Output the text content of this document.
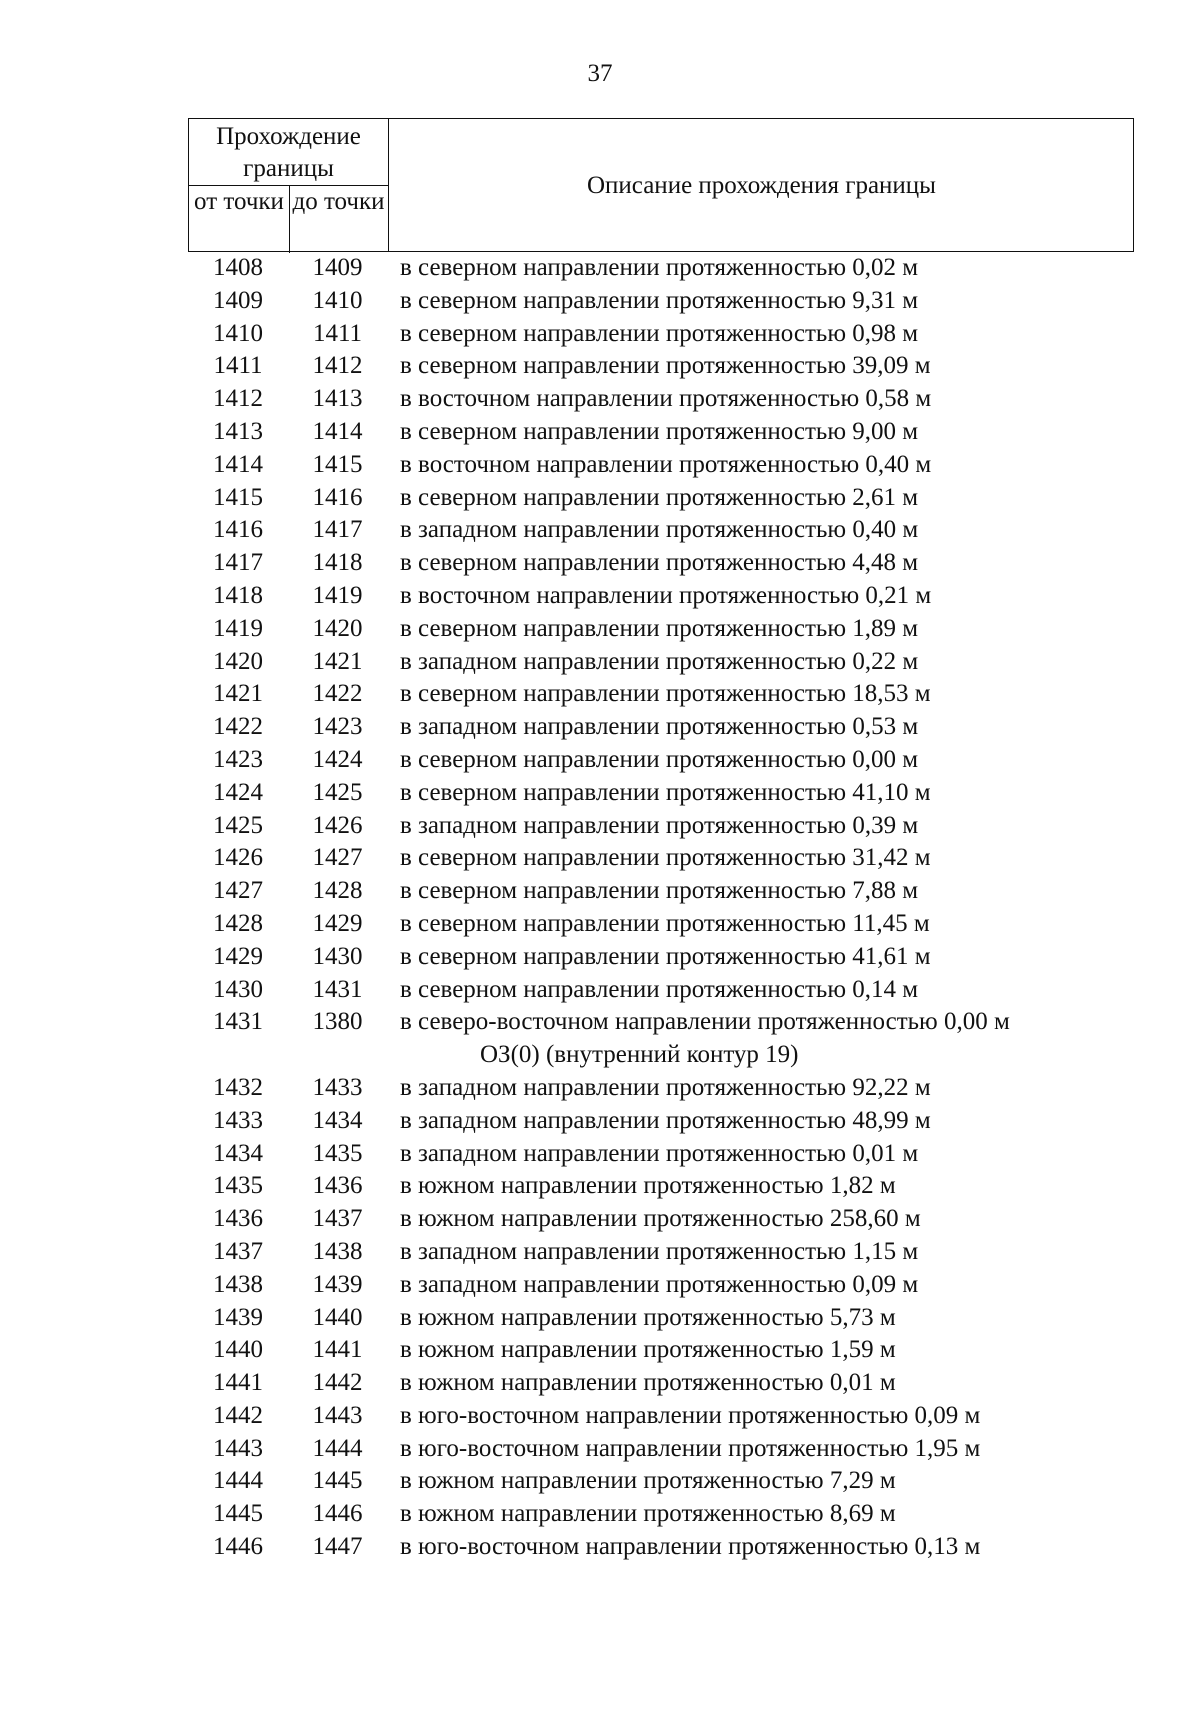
37
Прохождение границы
от точки до точки
Описание прохождения границы
1408	1409	в северном направлении протяженностью 0,02 м
1409	1410	в северном направлении протяженностью 9,31 м
1410	1411	в северном направлении протяженностью 0,98 м
1411	1412	в северном направлении протяженностью 39,09 м
1412	1413	в восточном направлении протяженностью 0,58 м
1413	1414	в северном направлении протяженностью 9,00 м
1414	1415	в восточном направлении протяженностью 0,40 м
1415	1416	в северном направлении протяженностью 2,61 м
1416	1417	в западном направлении протяженностью 0,40 м
1417	1418	в северном направлении протяженностью 4,48 м
1418	1419	в восточном направлении протяженностью 0,21 м
1419	1420	в северном направлении протяженностью 1,89 м
1420	1421	в западном направлении протяженностью 0,22 м
1421	1422	в северном направлении протяженностью 18,53 м
1422	1423	в западном направлении протяженностью 0,53 м
1423	1424	в северном направлении протяженностью 0,00 м
1424	1425	в северном направлении протяженностью 41,10 м
1425	1426	в западном направлении протяженностью 0,39 м
1426	1427	в северном направлении протяженностью 31,42 м
1427	1428	в северном направлении протяженностью 7,88 м
1428	1429	в северном направлении протяженностью 11,45 м
1429	1430	в северном направлении протяженностью 41,61 м
1430	1431	в северном направлении протяженностью 0,14 м
1431	1380	в северо-восточном направлении протяженностью 0,00 м
ОЗ(0) (внутренний контур 19)
1432	1433	в западном направлении протяженностью 92,22 м
1433	1434	в западном направлении протяженностью 48,99 м
1434	1435	в западном направлении протяженностью 0,01 м
1435	1436	в южном направлении протяженностью 1,82 м
1436	1437	в южном направлении протяженностью 258,60 м
1437	1438	в западном направлении протяженностью 1,15 м
1438	1439	в западном направлении протяженностью 0,09 м
1439	1440	в южном направлении протяженностью 5,73 м
1440	1441	в южном направлении протяженностью 1,59 м
1441	1442	в южном направлении протяженностью 0,01 м
1442	1443	в юго-восточном направлении протяженностью 0,09 м
1443	1444	в юго-восточном направлении протяженностью 1,95 м
1444	1445	в южном направлении протяженностью 7,29 м
1445	1446	в южном направлении протяженностью 8,69 м
1446	1447	в юго-восточном направлении протяженностью 0,13 м
